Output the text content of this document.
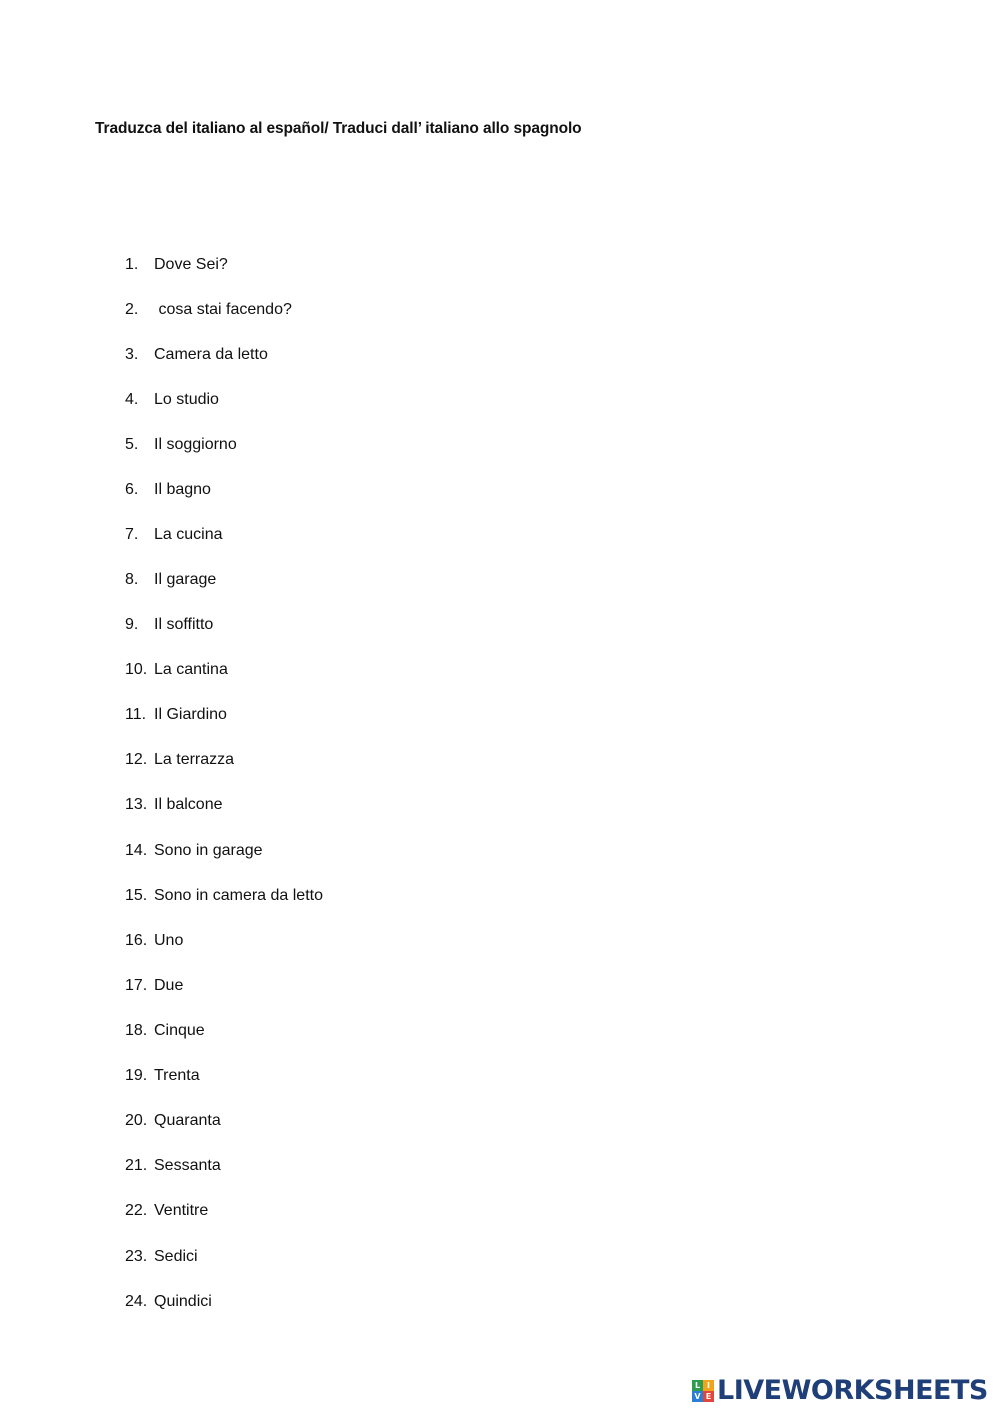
Traduzca del italiano al español/ Traduci dall’ italiano allo spagnolo
1. Dove Sei?
2. cosa stai facendo?
3. Camera da letto
4. Lo studio
5. Il soggiorno
6. Il bagno
7. La cucina
8. Il garage
9. Il soffitto
10. La cantina
11. Il Giardino
12. La terrazza
13. Il balcone
14. Sono in garage
15. Sono in camera da letto
16. Uno
17. Due
18. Cinque
19. Trenta
20. Quaranta
21. Sessanta
22. Ventitre
23. Sedici
24. Quindici
L I
V E LIVEWORKSHEETS
